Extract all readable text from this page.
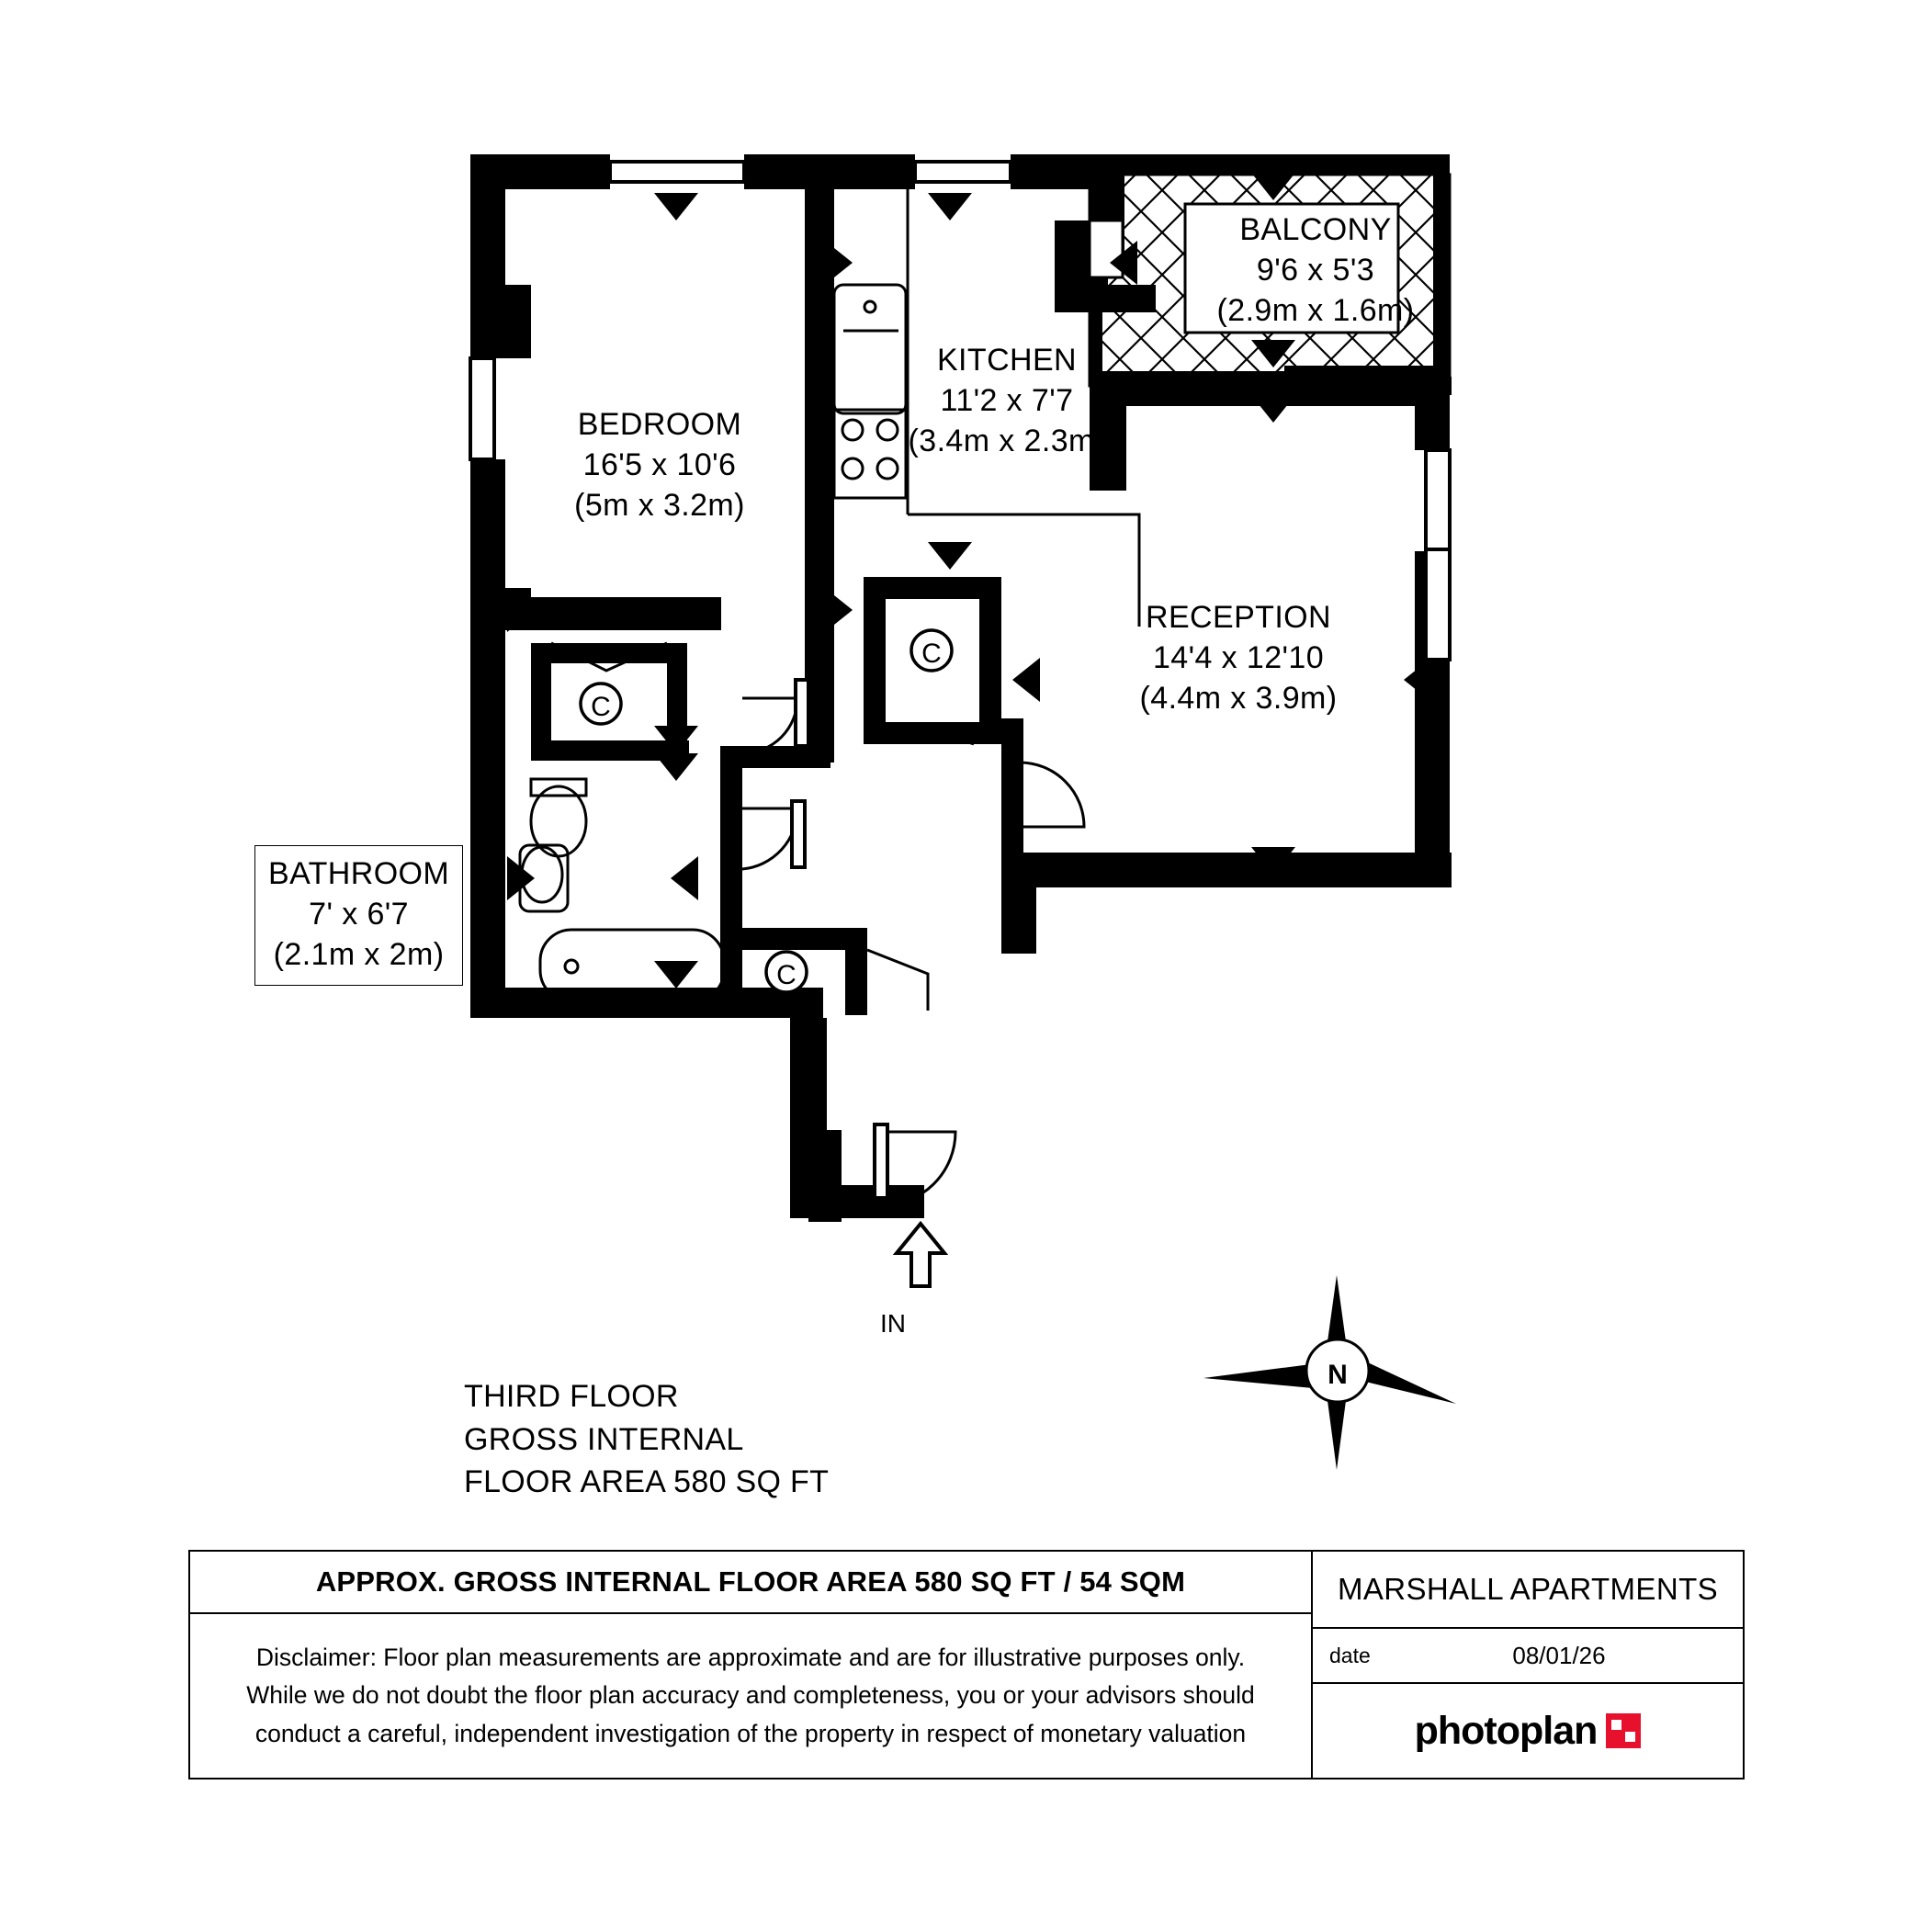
C
C
C
N
BEDROOM
16'5 x 10'6
(5m x 3.2m)
KITCHEN
11'2 x 7'7
(3.4m x 2.3m)
RECEPTION
14'4 x 12'10
(4.4m x 3.9m)
BALCONY
9'6 x 5'3
(2.9m x 1.6m)
BATHROOM
7' x 6'7
(2.1m x 2m)
IN
THIRD FLOOR
GROSS INTERNAL
FLOOR AREA 580 SQ FT
APPROX. GROSS INTERNAL FLOOR AREA 580 SQ FT / 54 SQM
Disclaimer: Floor plan measurements are approximate and are for illustrative purposes only.
While we do not doubt the floor plan accuracy and completeness, you or your advisors should
conduct a careful, independent investigation of the property in respect of monetary valuation
MARSHALL APARTMENTS
date	08/01/26
photoplan
